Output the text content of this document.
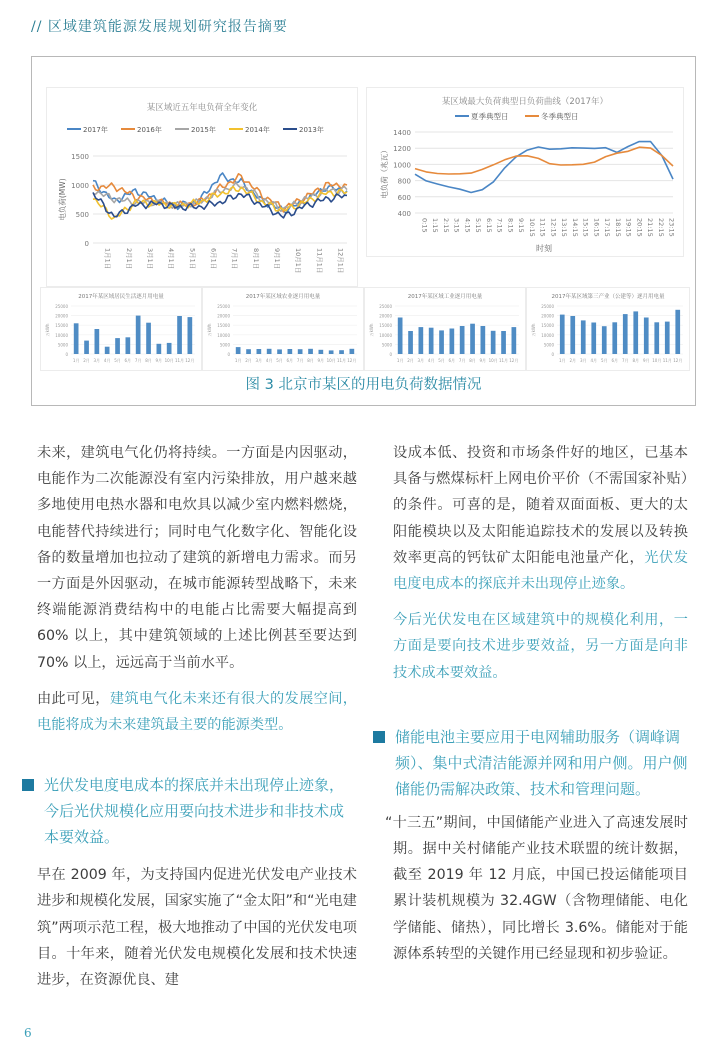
// 区域建筑能源发展规划研究报告摘要
某区域近五年电负荷全年变化
2017年	2016年	2015年	2014年	2013年
0
500
1000
1500
1月1日 2月1日 3月1日 4月1日 5月1日 6月1日 7月1日 8月1日 9月1日 10月1日 11月1日 12月1日
电负荷(MW)
某区域最大负荷典型日负荷曲线（2017年）
夏季典型日	冬季典型日
400
600
800
1000
1200
1400
0:15 1:15 2:15 3:15 4:15 5:15 6:15 7:15 8:15 9:15 10:15 11:15 12:15 13:15 14:15 15:15 16:15 17:15 18:15 19:15 20:15 21:15 22:15 23:15
电负荷（兆瓦）
时刻
2017年某区域居民生活逐月用电量
0
5000
10000
15000
20000
25000
万kWh
1月 2月 3月 4月 5月 6月 7月 8月 9月 10月 11月 12月
2017年某区域农业逐月用电量
0
5000
10000
15000
20000
25000
万kWh
1月 2月 3月 4月 5月 6月 7月 8月 9月 10月 11月 12月
2017年某区域工业逐月用电量
0
5000
10000
15000
20000
25000
万kWh
1月 2月 3月 4月 5月 6月 7月 8月 9月 10月 11月 12月
2017年某区域第三产业（公建等）逐月用电量
0
5000
10000
15000
20000
25000
万kWh
1月 2月 3月 4月 5月 6月 7月 8月 9月 10月 11月 12月
图 3 北京市某区的用电负荷数据情况

未来，建筑电气化仍将持续。一方面是内因驱动，电能作为二次能源没有室内污染排放，用户越来越多地使用电热水器和电炊具以减少室内燃料燃烧，电能替代持续进行；同时电气化数字化、智能化设备的数量增加也拉动了建筑的新增电力需求。而另一方面是外因驱动，在城市能源转型战略下，未来终端能源消费结构中的电能占比需要大幅提高到 60% 以上，其中建筑领域的上述比例甚至要达到 70% 以上，远远高于当前水平。

由此可见，建筑电气化未来还有很大的发展空间，电能将成为未来建筑最主要的能源类型。

光伏发电度电成本的探底并未出现停止迹象，今后光伏规模化应用要向技术进步和非技术成本要效益。

早在 2009 年，为支持国内促进光伏发电产业技术进步和规模化发展，国家实施了“金太阳”和“光电建筑”两项示范工程，极大地推动了中国的光伏发电项目。十年来，随着光伏发电规模化发展和技术快速进步，在资源优良、建

设成本低、投资和市场条件好的地区，已基本具备与燃煤标杆上网电价平价（不需国家补贴）的条件。可喜的是，随着双面面板、更大的太阳能模块以及太阳能追踪技术的发展以及转换效率更高的钙钛矿太阳能电池量产化，光伏发电度电成本的探底并未出现停止迹象。

今后光伏发电在区域建筑中的规模化利用，一方面是要向技术进步要效益，另一方面是向非技术成本要效益。

储能电池主要应用于电网辅助服务（调峰调频）、集中式清洁能源并网和用户侧。用户侧储能仍需解决政策、技术和管理问题。

“十三五”期间，中国储能产业进入了高速发展时期。据中关村储能产业技术联盟的统计数据，截至 2019 年 12 月底，中国已投运储能项目累计装机规模为 32.4GW（含物理储能、电化学储能、储热），同比增长 3.6%。储能对于能源体系转型的关键作用已经显现和初步验证。

6
